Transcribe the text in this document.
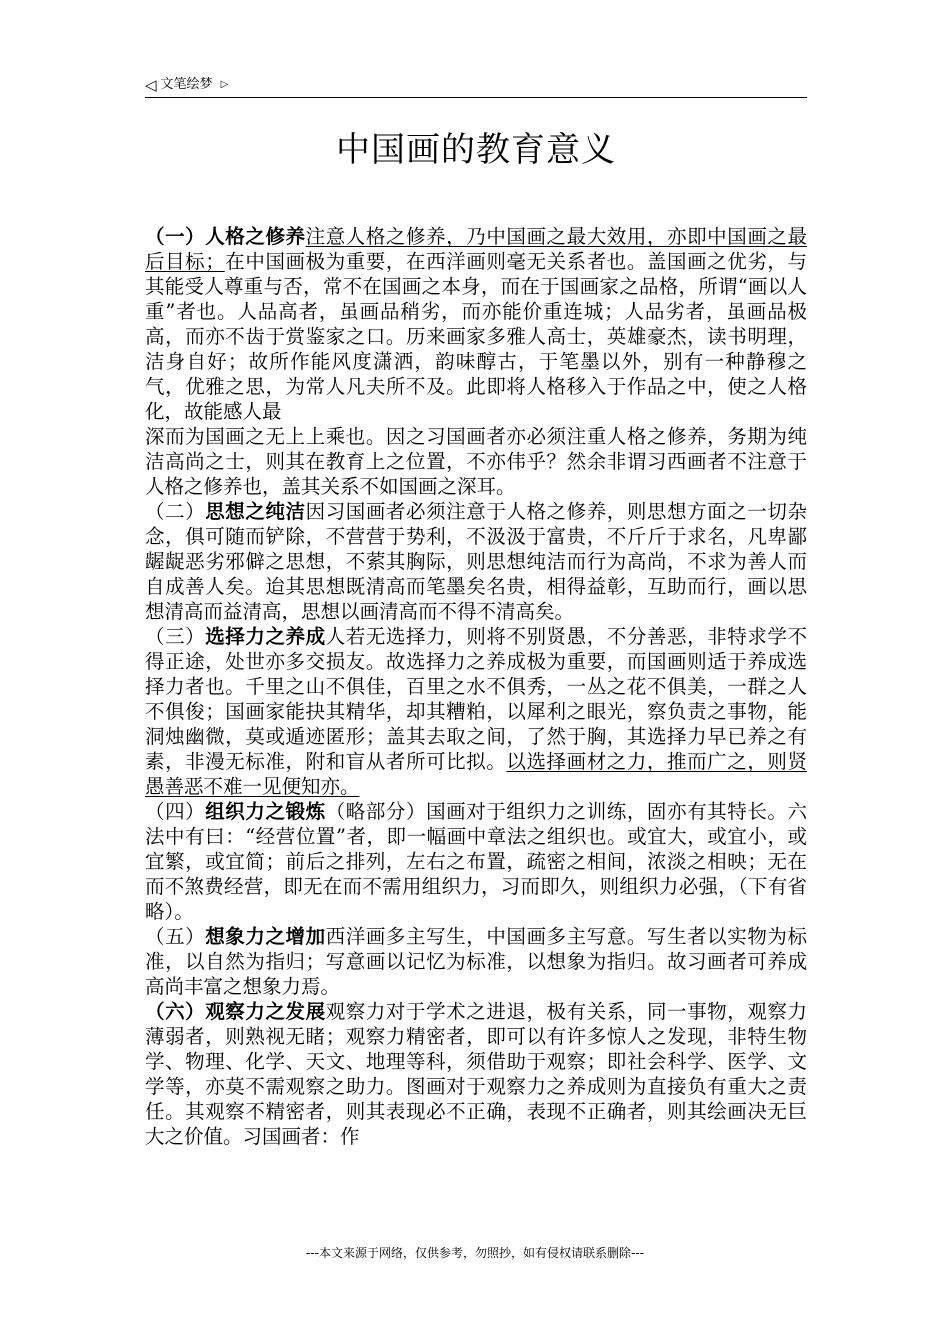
◁ 文笔绘梦 ▷
中国画的教育意义

（一）人格之修养注意人格之修养，乃中国画之最大效用，亦即中国画之最后目标；在中国画极为重要，在西洋画则毫无关系者也。盖国画之优劣，与其能受人尊重与否，常不在国画之本身，而在于国画家之品格，所谓“画以人重”者也。人品高者，虽画品稍劣，而亦能价重连城；人品劣者，虽画品极高，而亦不齿于赏鉴家之口。历来画家多雅人高士，英雄豪杰，读书明理，洁身自好；故所作能风度潇洒，韵味醇古，于笔墨以外，别有一种静穆之气，优雅之思，为常人凡夫所不及。此即将人格移入于作品之中，使之人格化，故能感人最

深而为国画之无上上乘也。因之习国画者亦必须注重人格之修养，务期为纯洁高尚之士，则其在教育上之位置，不亦伟乎？然余非谓习西画者不注意于人格之修养也，盖其关系不如国画之深耳。

（二）思想之纯洁因习国画者必须注意于人格之修养，则思想方面之一切杂念，俱可随而铲除，不营营于势利，不汲汲于富贵，不斤斤于求名，凡卑鄙龌龊恶劣邪僻之思想，不萦其胸际，则思想纯洁而行为高尚，不求为善人而自成善人矣。迨其思想既清高而笔墨矣名贵，相得益彰，互助而行，画以思想清高而益清高，思想以画清高而不得不清高矣。

（三）选择力之养成人若无选择力，则将不别贤愚，不分善恶，非特求学不得正途，处世亦多交损友。故选择力之养成极为重要，而国画则适于养成选择力者也。千里之山不俱佳，百里之水不俱秀，一丛之花不俱美，一群之人不俱俊；国画家能抉其精华，却其糟粕，以犀利之眼光，察负责之事物，能洞烛幽微，莫或遁迹匿形；盖其去取之间，了然于胸，其选择力早已养之有素，非漫无标准，附和盲从者所可比拟。以选择画材之力，推而广之，则贤愚善恶不难一见便知亦。

（四）组织力之锻炼（略部分）国画对于组织力之训练，固亦有其特长。六法中有曰：“经营位置”者，即一幅画中章法之组织也。或宜大，或宜小，或宜繁，或宜简；前后之排列，左右之布置，疏密之相间，浓淡之相映；无在而不煞费经营，即无在而不需用组织力，习而即久，则组织力必强，（下有省略）。

（五）想象力之增加西洋画多主写生，中国画多主写意。写生者以实物为标准，以自然为指归；写意画以记忆为标准，以想象为指归。故习画者可养成高尚丰富之想象力焉。

（六）观察力之发展观察力对于学术之进退，极有关系，同一事物，观察力薄弱者，则熟视无睹；观察力精密者，即可以有许多惊人之发现，非特生物学、物理、化学、天文、地理等科，须借助于观察；即社会科学、医学、文学等，亦莫不需观察之助力。图画对于观察力之养成则为直接负有重大之责任。其观察不精密者，则其表现必不正确，表现不正确者，则其绘画决无巨大之价值。习国画者：作

---本文来源于网络，仅供参考，勿照抄，如有侵权请联系删除---
